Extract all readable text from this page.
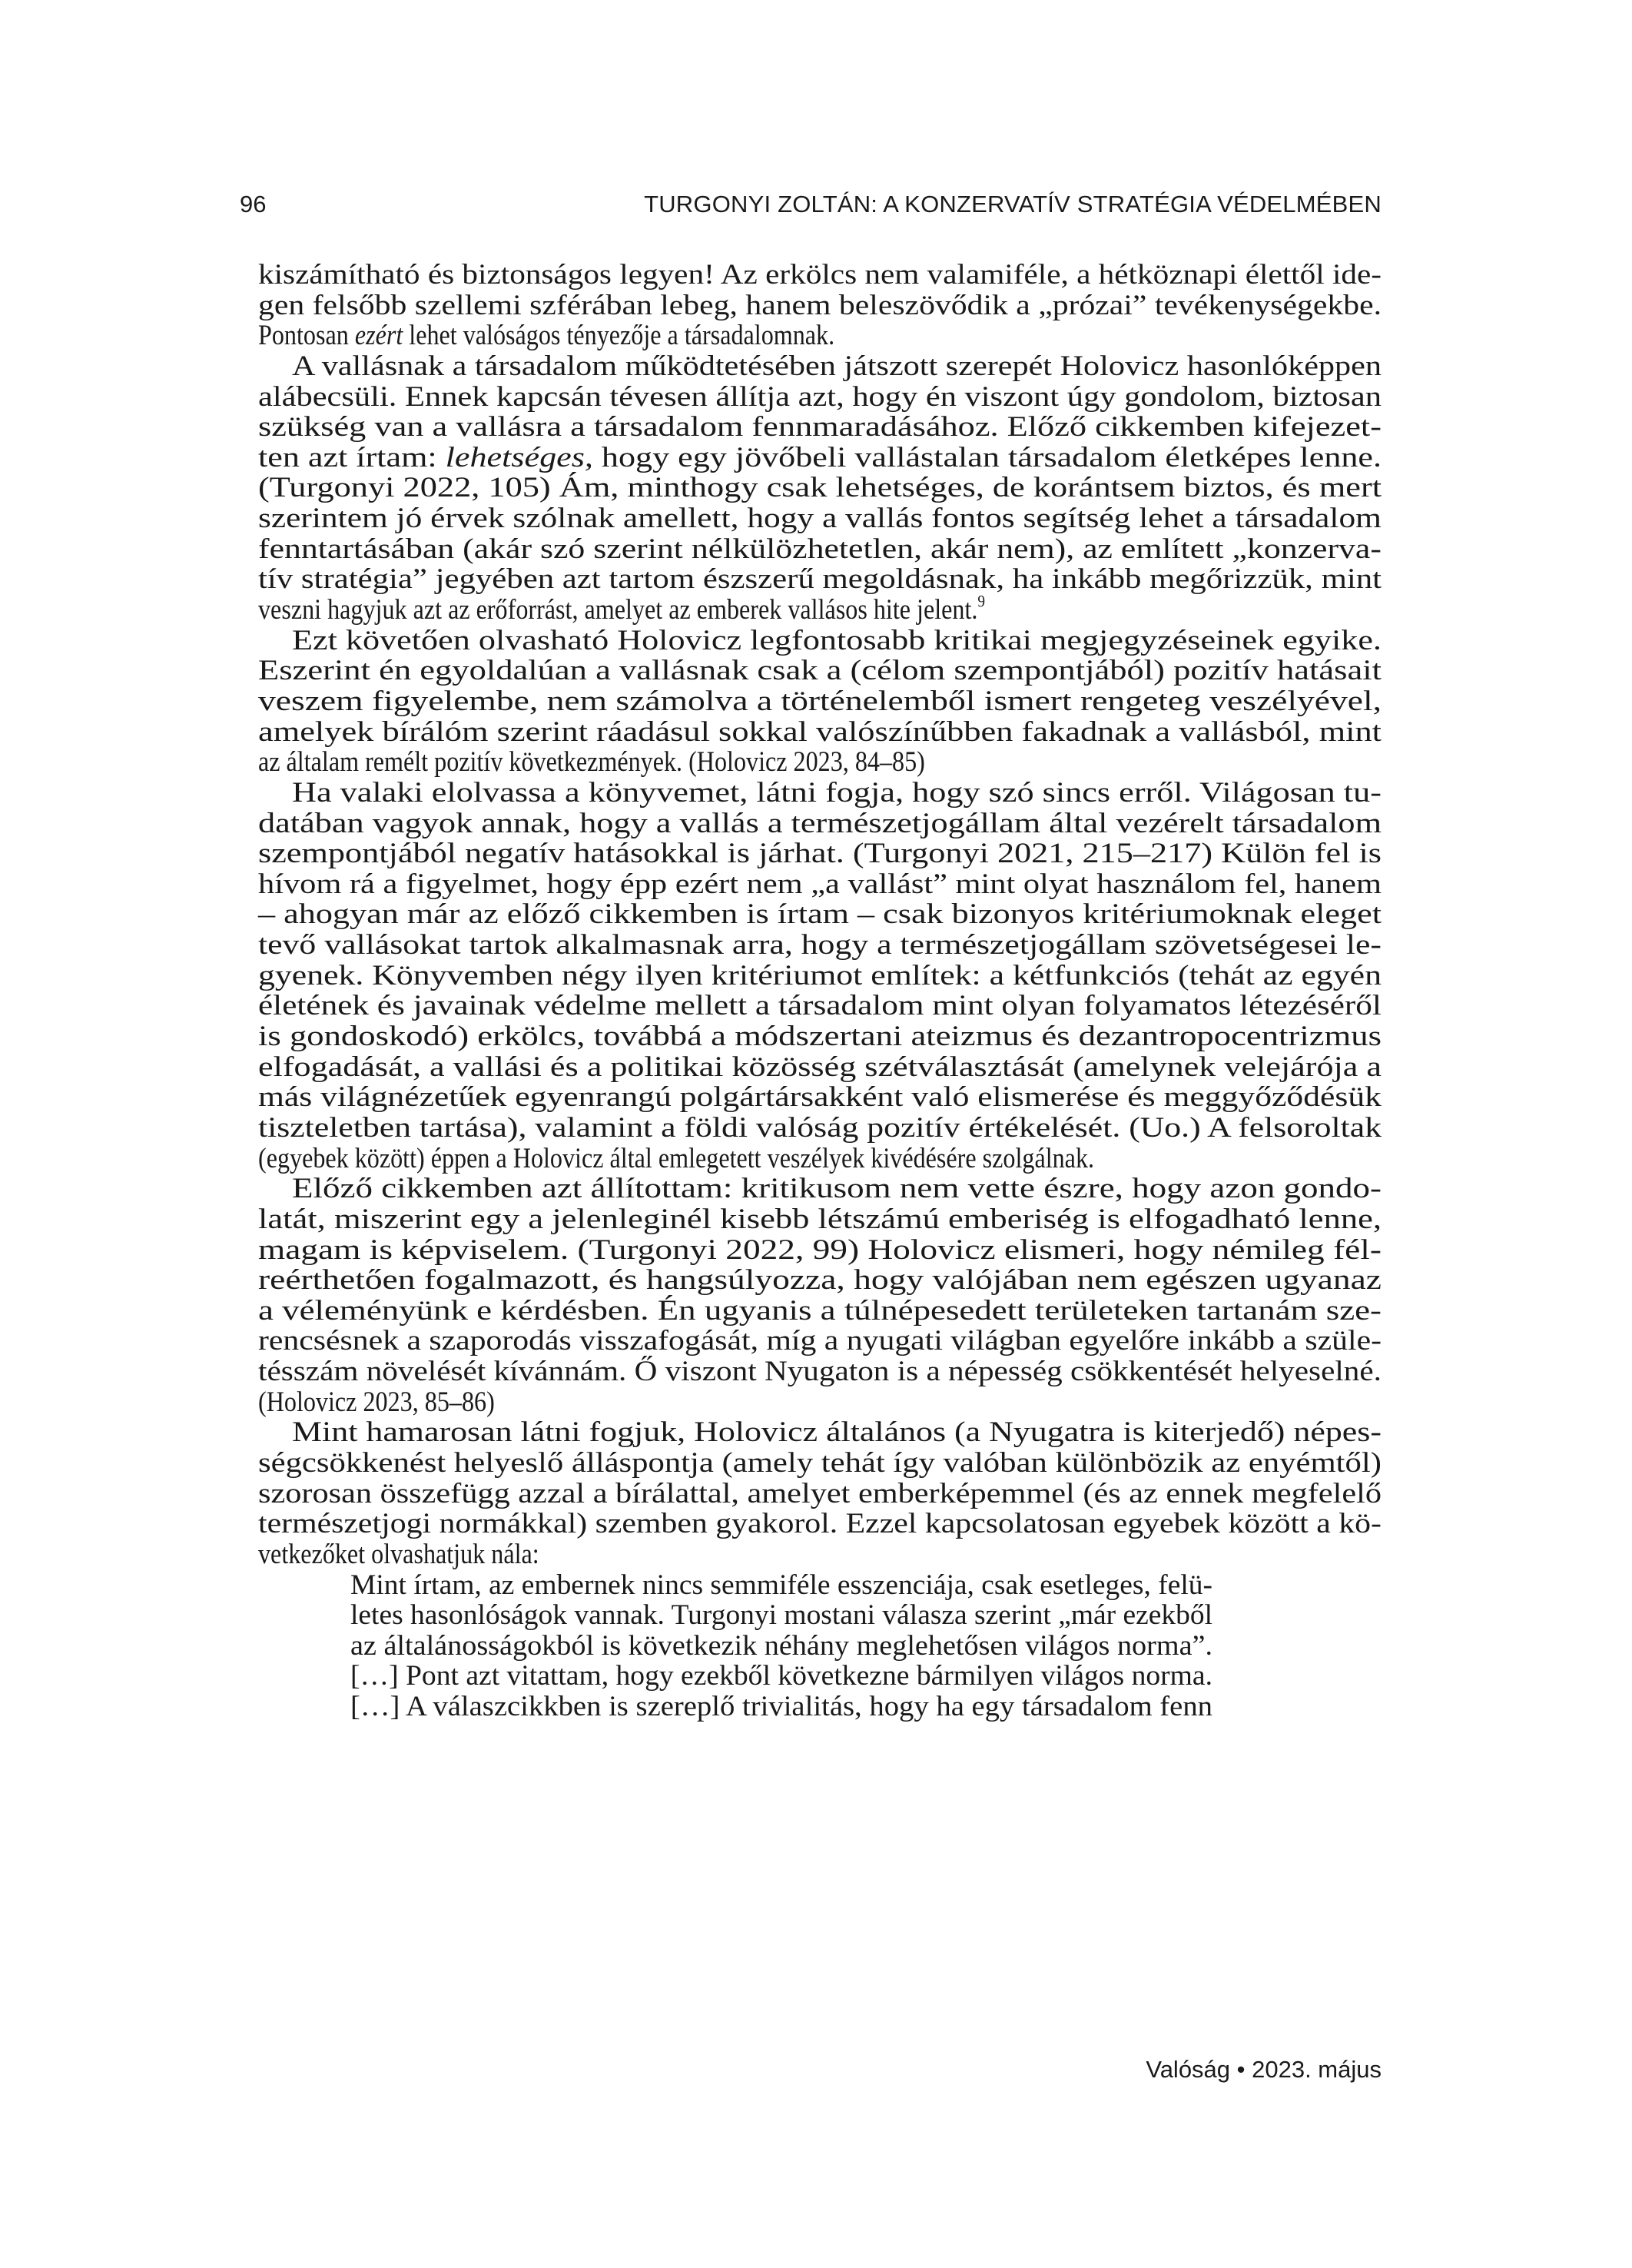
96	TURGONYI ZOLTÁN: A KONZERVATÍV STRATÉGIA VÉDELMÉBEN
kiszámítható és biztonságos legyen! Az erkölcs nem valamiféle, a hétköznapi élettől ide-
gen felsőbb szellemi szférában lebeg, hanem beleszövődik a „prózai” tevékenységekbe.
Pontosan ezért lehet valóságos tényezője a társadalomnak.
A vallásnak a társadalom működtetésében játszott szerepét Holovicz hasonlóképpen
alábecsüli. Ennek kapcsán tévesen állítja azt, hogy én viszont úgy gondolom, biztosan
szükség van a vallásra a társadalom fennmaradásához. Előző cikkemben kifejezet-
ten azt írtam: lehetséges, hogy egy jövőbeli vallástalan társadalom életképes lenne.
(Turgonyi 2022, 105) Ám, minthogy csak lehetséges, de korántsem biztos, és mert
szerintem jó érvek szólnak amellett, hogy a vallás fontos segítség lehet a társadalom
fenntartásában (akár szó szerint nélkülözhetetlen, akár nem), az említett „konzerva-
tív stratégia” jegyében azt tartom észszerű megoldásnak, ha inkább megőrizzük, mint
veszni hagyjuk azt az erőforrást, amelyet az emberek vallásos hite jelent.$^9$
Ezt követően olvasható Holovicz legfontosabb kritikai megjegyzéseinek egyike.
Eszerint én egyoldalúan a vallásnak csak a (célom szempontjából) pozitív hatásait
veszem figyelembe, nem számolva a történelemből ismert rengeteg veszélyével,
amelyek bírálóm szerint ráadásul sokkal valószínűbben fakadnak a vallásból, mint
az általam remélt pozitív következmények. (Holovicz 2023, 84–85)
Ha valaki elolvassa a könyvemet, látni fogja, hogy szó sincs erről. Világosan tu-
datában vagyok annak, hogy a vallás a természetjogállam által vezérelt társadalom
szempontjából negatív hatásokkal is járhat. (Turgonyi 2021, 215–217) Külön fel is
hívom rá a figyelmet, hogy épp ezért nem „a vallást” mint olyat használom fel, hanem
– ahogyan már az előző cikkemben is írtam – csak bizonyos kritériumoknak eleget
tevő vallásokat tartok alkalmasnak arra, hogy a természetjogállam szövetségesei le-
gyenek. Könyvemben négy ilyen kritériumot említek: a kétfunkciós (tehát az egyén
életének és javainak védelme mellett a társadalom mint olyan folyamatos létezéséről
is gondoskodó) erkölcs, továbbá a módszertani ateizmus és dezantropocentrizmus
elfogadását, a vallási és a politikai közösség szétválasztását (amelynek velejárója a
más világnézetűek egyenrangú polgártársakként való elismerése és meggyőződésük
tiszteletben tartása), valamint a földi valóság pozitív értékelését. (Uo.) A felsoroltak
(egyebek között) éppen a Holovicz által emlegetett veszélyek kivédésére szolgálnak.
Előző cikkemben azt állítottam: kritikusom nem vette észre, hogy azon gondo-
latát, miszerint egy a jelenleginél kisebb létszámú emberiség is elfogadható lenne,
magam is képviselem. (Turgonyi 2022, 99) Holovicz elismeri, hogy némileg fél-
reérthetően fogalmazott, és hangsúlyozza, hogy valójában nem egészen ugyanaz
a véleményünk e kérdésben. Én ugyanis a túlnépesedett területeken tartanám sze-
rencsésnek a szaporodás visszafogását, míg a nyugati világban egyelőre inkább a szüle-
tésszám növelését kívánnám. Ő viszont Nyugaton is a népesség csökkentését helyeselné.
(Holovicz 2023, 85–86)
Mint hamarosan látni fogjuk, Holovicz általános (a Nyugatra is kiterjedő) népes-
ségcsökkenést helyeslő álláspontja (amely tehát így valóban különbözik az enyémtől)
szorosan összefügg azzal a bírálattal, amelyet emberképemmel (és az ennek megfelelő
természetjogi normákkal) szemben gyakorol. Ezzel kapcsolatosan egyebek között a kö-
vetkezőket olvashatjuk nála:
Mint írtam, az embernek nincs semmiféle esszenciája, csak esetleges, felü-
letes hasonlóságok vannak. Turgonyi mostani válasza szerint „már ezekből
az általánosságokból is következik néhány meglehetősen világos norma”.
[…] Pont azt vitattam, hogy ezekből következne bármilyen világos norma.
[…] A válaszcikkben is szereplő trivialitás, hogy ha egy társadalom fenn
Valóság • 2023. május
